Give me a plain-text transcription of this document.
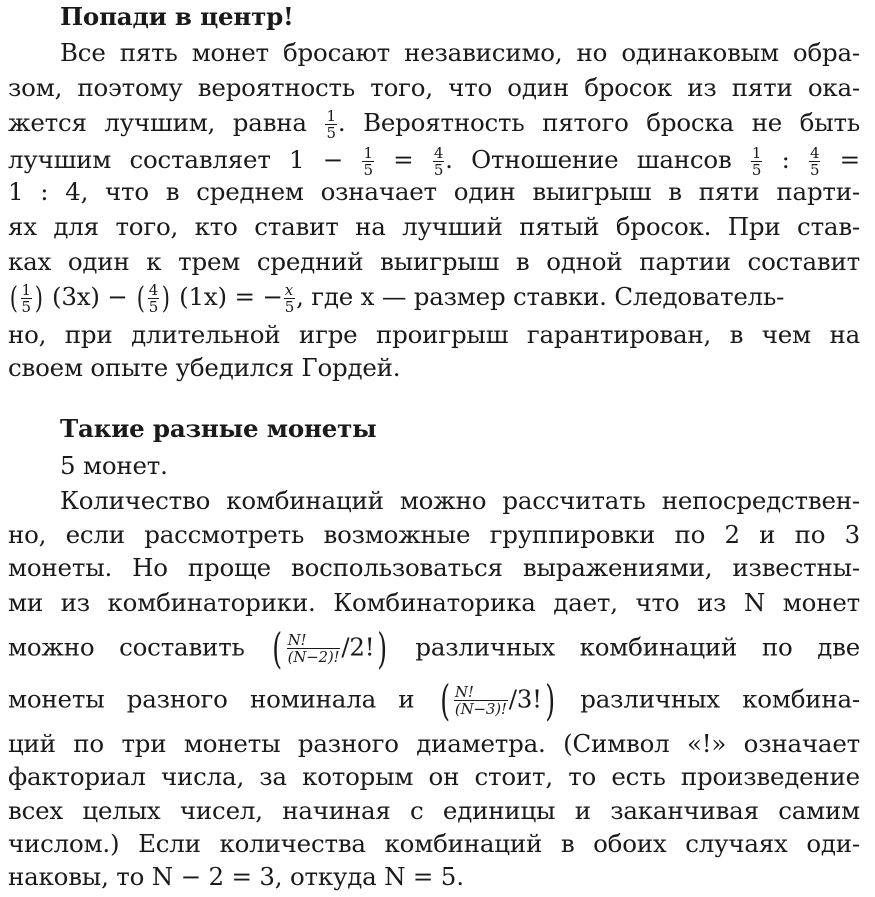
Попади в центр!
Все пять монет бросают независимо, но одинаковым обра-
зом, поэтому вероятность того, что один бросок из пяти ока-
жется лучшим, равна $\frac{1}{5}$ . Вероятность пятого броска не быть
лучшим составляет $1 - \frac{1}{5} = \frac{4}{5}$ . Отношение шансов $\frac{1}{5}$ : $\frac{4}{5}$ =
1 : 4, что в среднем означает один выигрыш в пяти парти-
ях для того, кто ставит на лучший пятый бросок. При став-
ках один к трем средний выигрыш в одной партии составит
( $\frac{1}{5}$ ) (3x) − ( $\frac{4}{5}$ ) (1x) = − $\frac{x}{5}$ , где x — размер ставки. Следователь-
но, при длительной игре проигрыш гарантирован, в чем на
своем опыте убедился Гордей.
Такие разные монеты
5 монет.
Количество комбинаций можно рассчитать непосредствен-
но, если рассмотреть возможные группировки по 2 и по 3
монеты. Но проще воспользоваться выражениями, известны-
ми из комбинаторики. Комбинаторика дает, что из N монет
можно составить ( $\frac{N!}{(N-2)!} /2$!) различных комбинаций по две
монеты разного номинала и ( $\frac{N!}{(N-3)!} /3$!) различных комбина-
ций по три монеты разного диаметра. (Символ «!» означает
факториал числа, за которым он стоит, то есть произведение
всех целых чисел, начиная с единицы и заканчивая самим
числом.) Если количества комбинаций в обоих случаях оди-
наковы, то N − 2 = 3, откуда N = 5.
